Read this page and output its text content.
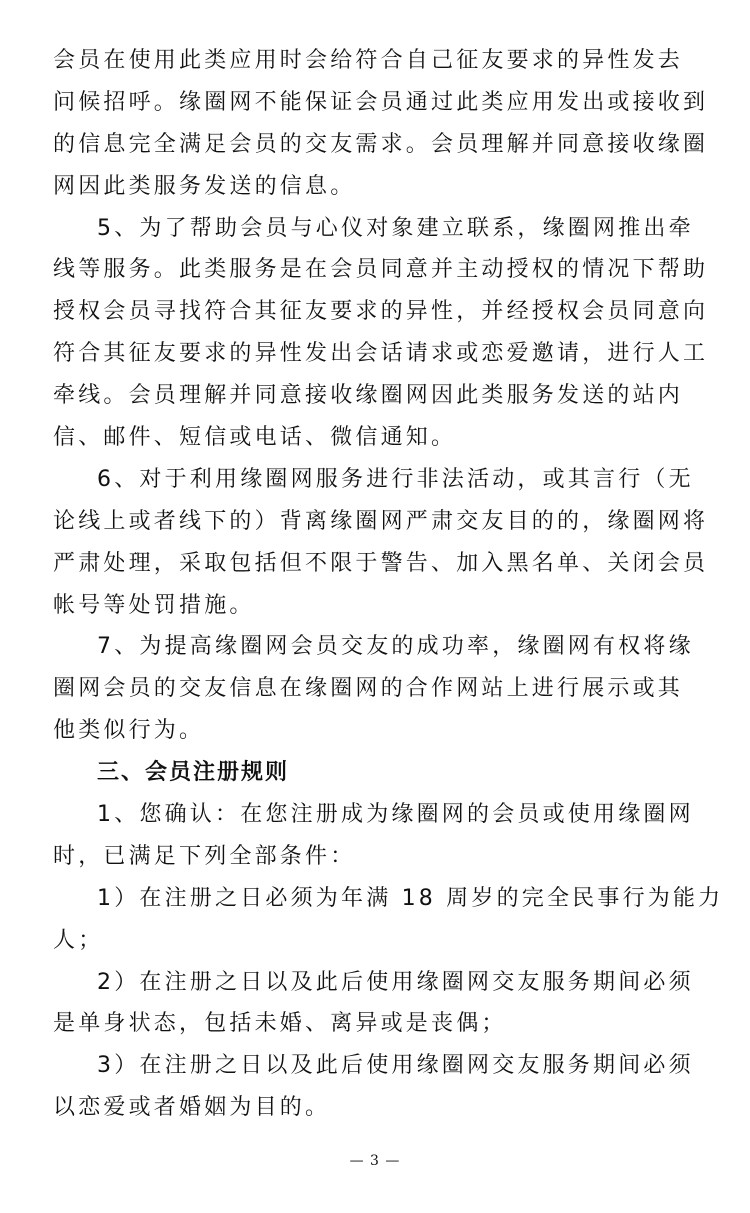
会员在使用此类应用时会给符合自己征友要求的异性发去
问候招呼。缘圈网不能保证会员通过此类应用发出或接收到
的信息完全满足会员的交友需求。会员理解并同意接收缘圈
网因此类服务发送的信息。
5、为了帮助会员与心仪对象建立联系，缘圈网推出牵
线等服务。此类服务是在会员同意并主动授权的情况下帮助
授权会员寻找符合其征友要求的异性，并经授权会员同意向
符合其征友要求的异性发出会话请求或恋爱邀请，进行人工
牵线。会员理解并同意接收缘圈网因此类服务发送的站内
信、邮件、短信或电话、微信通知。
6、对于利用缘圈网服务进行非法活动，或其言行（无
论线上或者线下的）背离缘圈网严肃交友目的的，缘圈网将
严肃处理，采取包括但不限于警告、加入黑名单、关闭会员
帐号等处罚措施。
7、为提高缘圈网会员交友的成功率，缘圈网有权将缘
圈网会员的交友信息在缘圈网的合作网站上进行展示或其
他类似行为。
三、会员注册规则
1、您确认：在您注册成为缘圈网的会员或使用缘圈网
时，已满足下列全部条件：
1）在注册之日必须为年满 18 周岁的完全民事行为能力
人；
2）在注册之日以及此后使用缘圈网交友服务期间必须
是单身状态，包括未婚、离异或是丧偶；
3）在注册之日以及此后使用缘圈网交友服务期间必须
以恋爱或者婚姻为目的。
— 3 —
